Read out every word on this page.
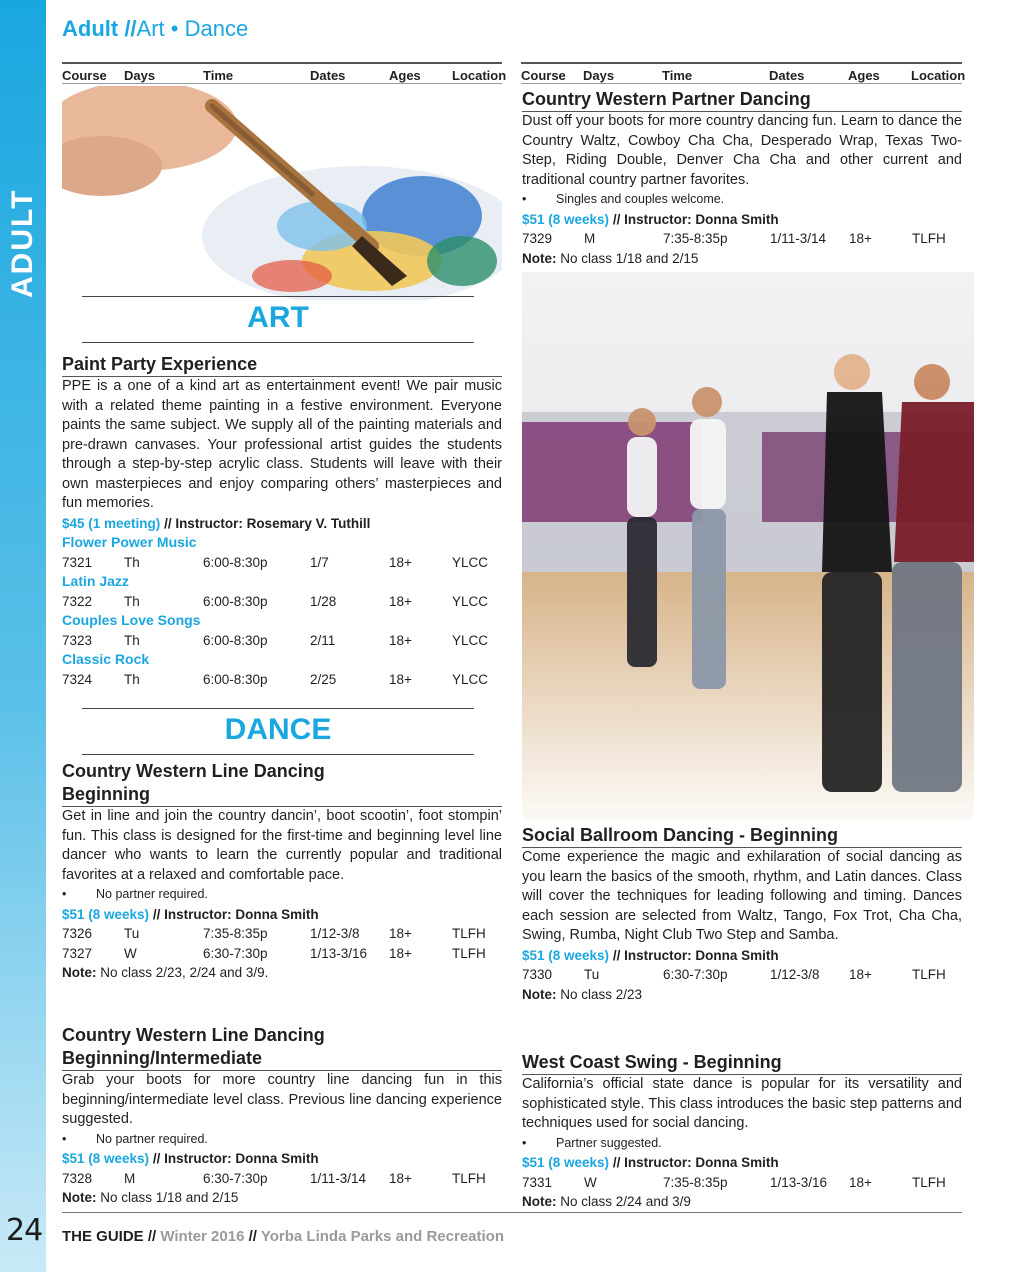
ADULT
24
Adult //Art • Dance
Course Days	Time	Dates	Ages Location Course Days	Time	Dates	Ages Location
ART
Paint Party Experience
PPE is a one of a kind art as entertainment event! We pair music with a related theme painting in a festive environment. Everyone paints the same subject. We supply all of the painting materials and pre-drawn canvases. Your professional artist guides the students through a step-by-step acrylic class. Students will leave with their own masterpieces and enjoy comparing others’ masterpieces and fun memories.
$45 (1 meeting) // Instructor: Rosemary V. Tuthill
Flower Power Music
7321 Th	6:00-8:30p	1/7	18+	YLCC
Latin Jazz
7322 Th	6:00-8:30p	1/28	18+	YLCC
Couples Love Songs
7323 Th	6:00-8:30p	2/11	18+	YLCC
Classic Rock
7324 Th	6:00-8:30p	2/25	18+	YLCC
DANCE
Country Western Line Dancing
Beginning
Get in line and join the country dancin’, boot scootin’, foot stompin’ fun. This class is designed for the first-time and beginning level line dancer who wants to learn the currently popular and traditional favorites at a relaxed and comfortable pace.
• No partner required.
$51 (8 weeks) // Instructor: Donna Smith
7326 Tu	7:35-8:35p	1/12-3/8 18+	TLFH
7327 W	6:30-7:30p	1/13-3/16 18+	TLFH
Note: No class 2/23, 2/24 and 3/9.
Country Western Line Dancing
Beginning/Intermediate
Grab your boots for more country line dancing fun in this beginning/intermediate level class. Previous line dancing experience suggested.
• No partner required.
$51 (8 weeks) // Instructor: Donna Smith
7328 M	6:30-7:30p	1/11-3/14 18+	TLFH
Note: No class 1/18 and 2/15
Country Western Partner Dancing
Dust off your boots for more country dancing fun. Learn to dance the Country Waltz, Cowboy Cha Cha, Desperado Wrap, Texas Two-Step, Riding Double, Denver Cha Cha and other current and traditional country partner favorites.
• Singles and couples welcome.
$51 (8 weeks) // Instructor: Donna Smith
7329 M	7:35-8:35p	1/11-3/14 18+	TLFH
Note: No class 1/18 and 2/15
Social Ballroom Dancing - Beginning
Come experience the magic and exhilaration of social dancing as you learn the basics of the smooth, rhythm, and Latin dances. Class will cover the techniques for leading following and timing. Dances each session are selected from Waltz, Tango, Fox Trot, Cha Cha, Swing, Rumba, Night Club Two Step and Samba.
$51 (8 weeks) // Instructor: Donna Smith
7330 Tu	6:30-7:30p	1/12-3/8 18+	TLFH
Note: No class 2/23
West Coast Swing - Beginning
California’s official state dance is popular for its versatility and sophisticated style. This class introduces the basic step patterns and techniques used for social dancing.
• Partner suggested.
$51 (8 weeks) // Instructor: Donna Smith
7331 W	7:35-8:35p	1/13-3/16 18+	TLFH
Note: No class 2/24 and 3/9
THE GUIDE // Winter 2016 // Yorba Linda Parks and Recreation
